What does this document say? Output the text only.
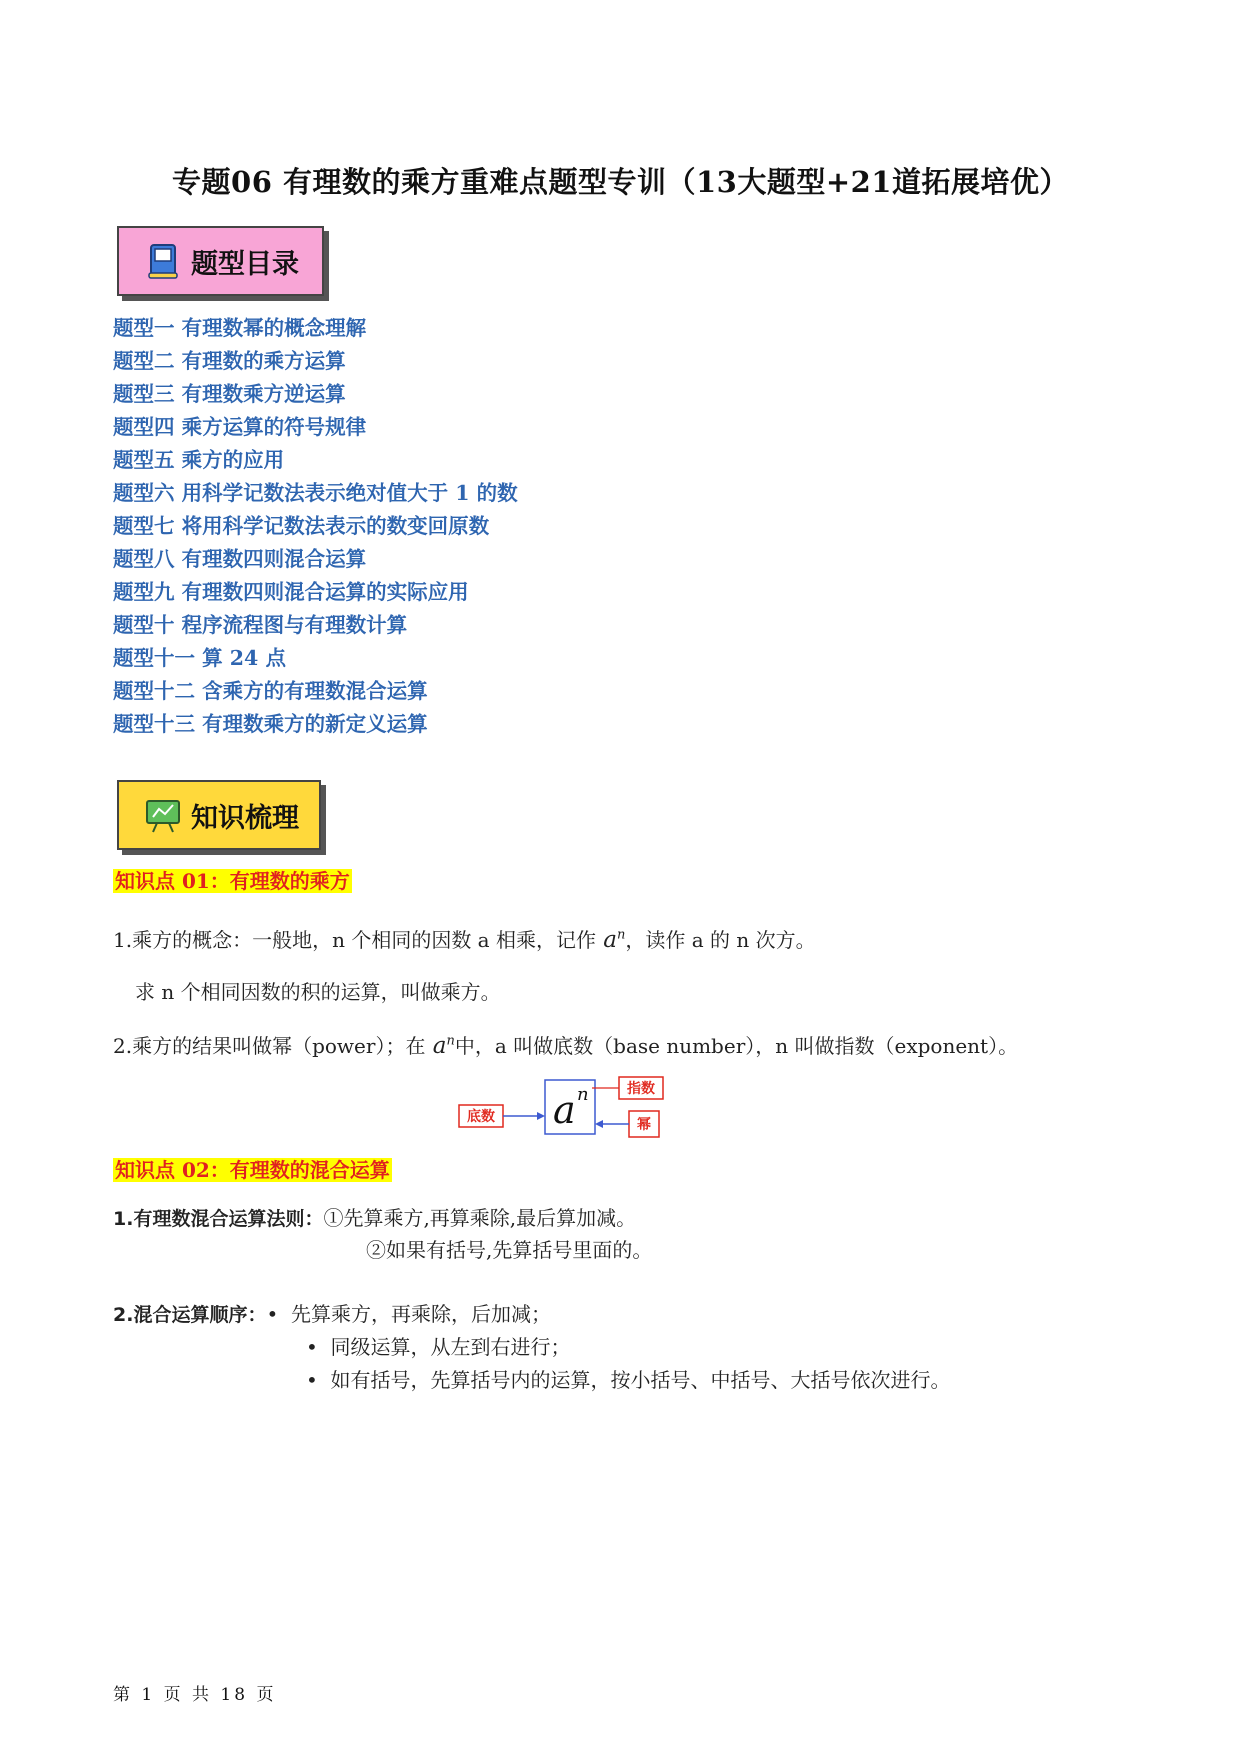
专题06 有理数的乘方重难点题型专训（13大题型+21道拓展培优）
题型目录
题型一 有理数幂的概念理解
题型二 有理数的乘方运算
题型三 有理数乘方逆运算
题型四 乘方运算的符号规律
题型五 乘方的应用
题型六 用科学记数法表示绝对值大于 1 的数
题型七 将用科学记数法表示的数变回原数
题型八 有理数四则混合运算
题型九 有理数四则混合运算的实际应用
题型十 程序流程图与有理数计算
题型十一 算 24 点
题型十二 含乘方的有理数混合运算
题型十三 有理数乘方的新定义运算
知识梳理
知识点 01：有理数的乘方
1.乘方的概念：一般地，n 个相同的因数 a 相乘，记作 $a^n$，读作 a 的 n 次方。
求 n 个相同因数的积的运算，叫做乘方。
2.乘方的结果叫做幂（power）；在 $a^n$中，a 叫做底数（base number），n 叫做指数（exponent）。
底数 a n	指数
幂
知识点 02：有理数的混合运算
1.有理数混合运算法则：①先算乘方,再算乘除,最后算加减。
②如果有括号,先算括号里面的。
2.混合运算顺序：•  先算乘方，再乘除，后加减；
•  同级运算，从左到右进行；
•  如有括号，先算括号内的运算，按小括号、中括号、大括号依次进行。
第 1 页 共 18 页
